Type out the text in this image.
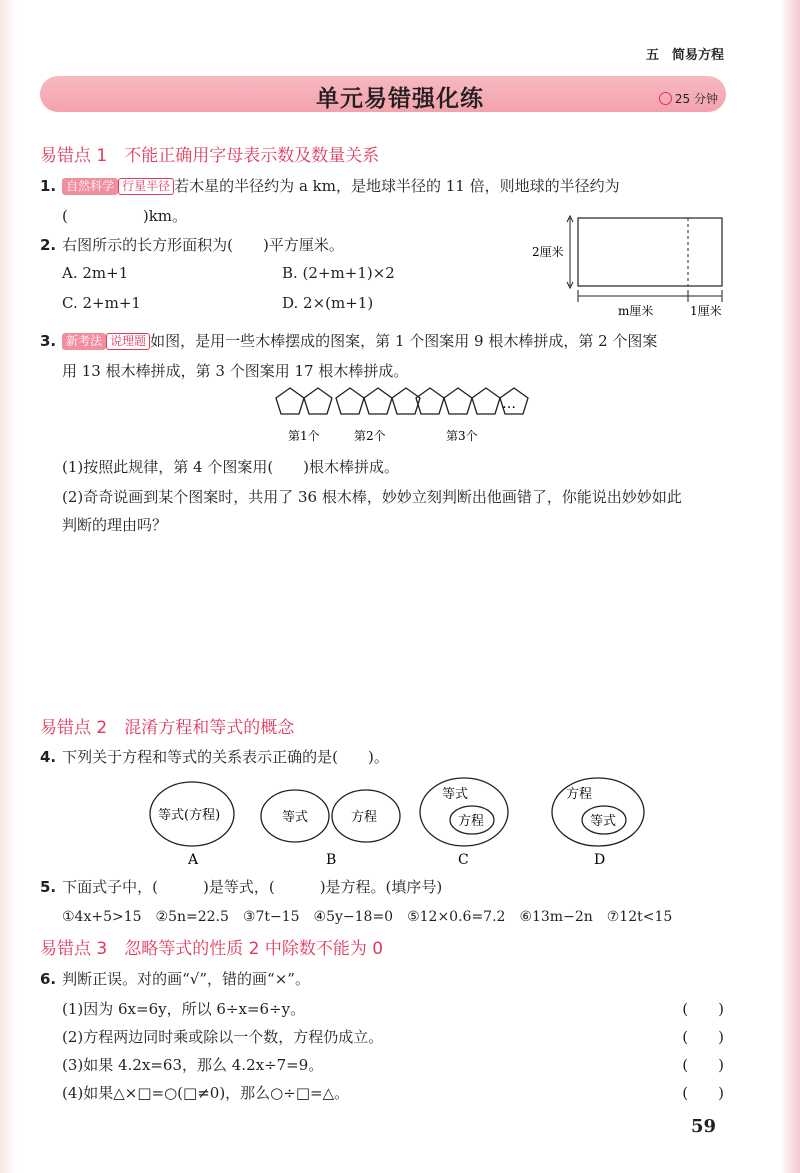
五　简易方程
单元易错强化练	25 分钟
易错点 1　不能正确用字母表示数及数量关系
1. 自然科学 行星半径 若木星的半径约为 a km，是地球半径的 11 倍，则地球的半径约为
(　　　　　)km。
2. 右图所示的长方形面积为(　　)平方厘米。
A. 2m+1	B. (2+m+1)×2
C. 2+m+1	D. 2×(m+1)
2厘米
m厘米	1厘米
3. 新考法 说理题 如图，是用一些木棒摆成的图案，第 1 个图案用 9 根木棒拼成，第 2 个图案
用 13 根木棒拼成，第 3 个图案用 17 根木棒拼成。
…
第1个	第2个	第3个
(1)按照此规律，第 4 个图案用(　　)根木棒拼成。
(2)奇奇说画到某个图案时，共用了 36 根木棒，妙妙立刻判断出他画错了，你能说出妙妙如此
判断的理由吗？
易错点 2　混淆方程和等式的概念
4. 下列关于方程和等式的关系表示正确的是(　　)。
等式(方程)	等式	方程
等式
方程
方程
等式
A	B	C	D
5. 下面式子中，(　　　)是等式，(　　　)是方程。(填序号)
①4x+5>15　②5n=22.5　③7t−15　④5y−18=0　⑤12×0.6=7.2　⑥13m−2n　⑦12t<15
易错点 3　忽略等式的性质 2 中除数不能为 0
6. 判断正误。对的画“√”，错的画“×”。
(1)因为 6x=6y，所以 6÷x=6÷y。	(　　)
(2)方程两边同时乘或除以一个数，方程仍成立。	(　　)
(3)如果 4.2x=63，那么 4.2x÷7=9。	(　　)
(4)如果△×□=○(□≠0)，那么○÷□=△。	(　　)
59
